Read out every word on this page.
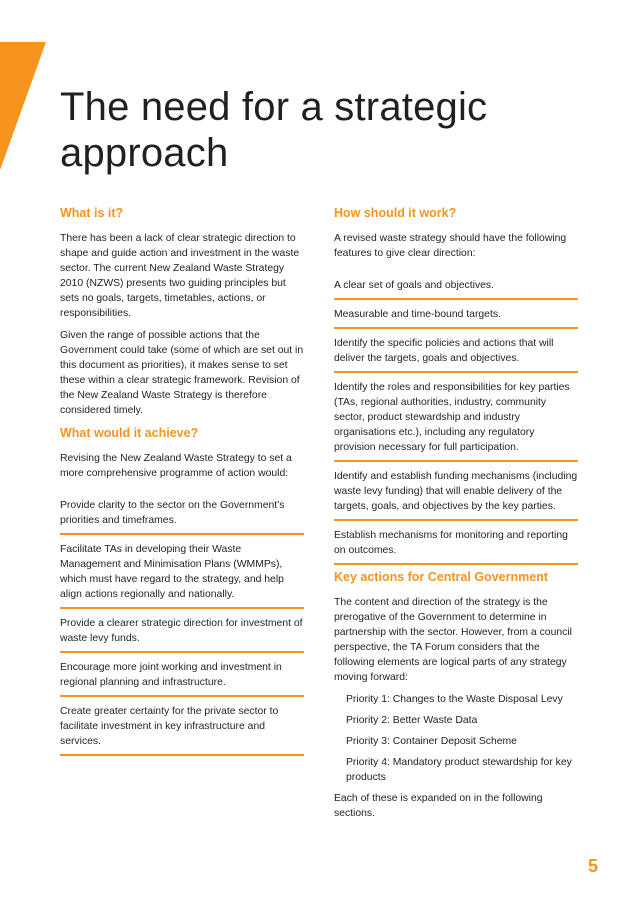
The need for a strategic
approach
What is it?

There has been a lack of clear strategic direction to shape and guide action and investment in the waste sector. The current New Zealand Waste Strategy 2010 (NZWS) presents two guiding principles but sets no goals, targets, timetables, actions, or responsibilities.

Given the range of possible actions that the Government could take (some of which are set out in this document as priorities), it makes sense to set these within a clear strategic framework. Revision of the New Zealand Waste Strategy is therefore considered timely.

What would it achieve?

Revising the New Zealand Waste Strategy to set a more comprehensive programme of action would:

Provide clarity to the sector on the Government’s priorities and timeframes.
Facilitate TAs in developing their Waste Management and Minimisation Plans (WMMPs), which must have regard to the strategy, and help align actions regionally and nationally.
Provide a clearer strategic direction for investment of waste levy funds.
Encourage more joint working and investment in regional planning and infrastructure.
Create greater certainty for the private sector to facilitate investment in key infrastructure and services.
How should it work?

A revised waste strategy should have the following features to give clear direction:

A clear set of goals and objectives.
Measurable and time-bound targets.
Identify the specific policies and actions that will deliver the targets, goals and objectives.
Identify the roles and responsibilities for key parties (TAs, regional authorities, industry, community sector, product stewardship and industry organisations etc.), including any regulatory provision necessary for full participation.
Identify and establish funding mechanisms (including waste levy funding) that will enable delivery of the targets, goals, and objectives by the key parties.
Establish mechanisms for monitoring and reporting on outcomes.
Key actions for Central Government

The content and direction of the strategy is the prerogative of the Government to determine in partnership with the sector. However, from a council perspective, the TA Forum considers that the following elements are logical parts of any strategy moving forward:

Priority 1: Changes to the Waste Disposal Levy
Priority 2: Better Waste Data
Priority 3: Container Deposit Scheme
Priority 4: Mandatory product stewardship for key products

Each of these is expanded on in the following sections.

5
